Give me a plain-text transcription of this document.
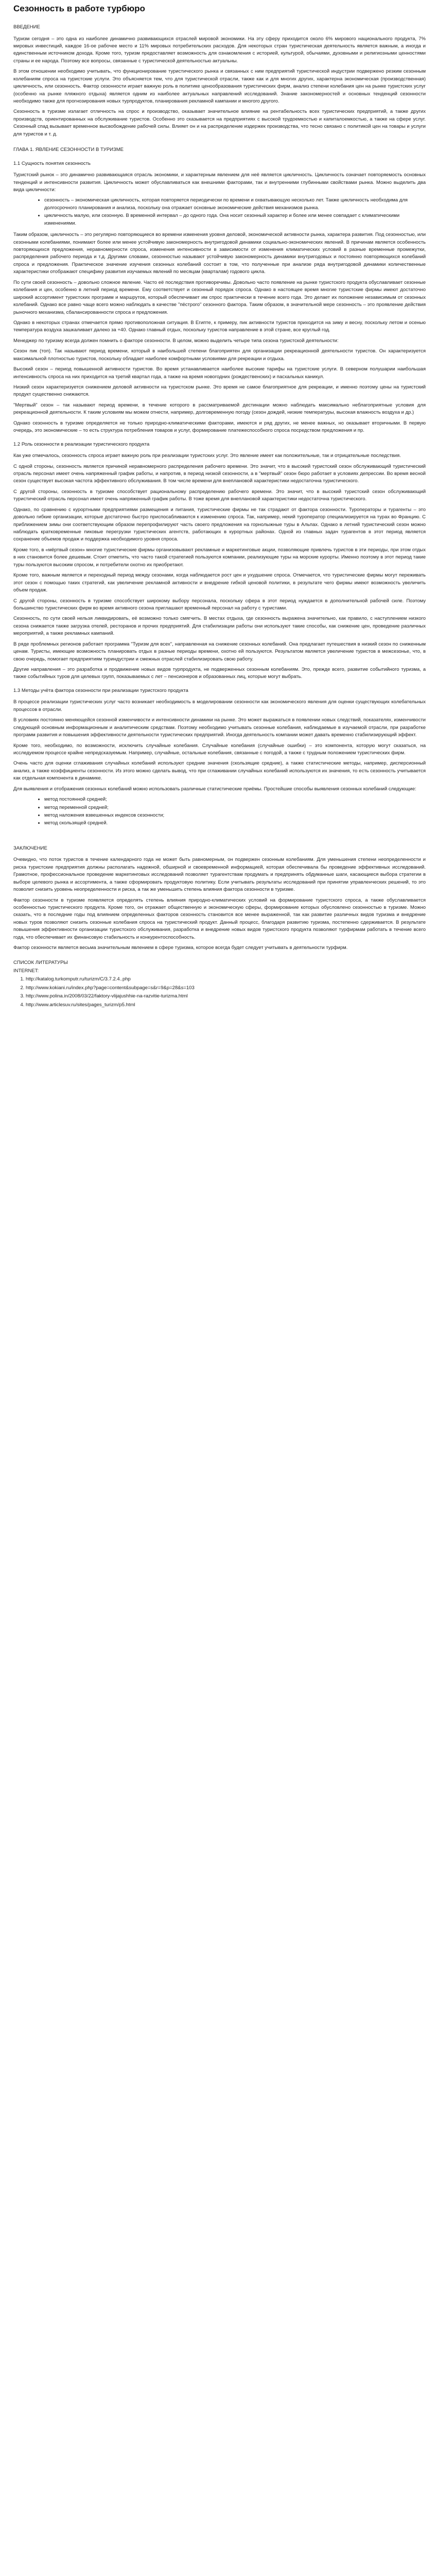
Сезонность в работе турбюро
ВВЕДЕНИЕ

Туризм сегодня – это одна из наиболее динамично развивающихся отраслей мировой экономики. На эту сферу приходится около 6% мирового национального продукта, 7% мировых инвестиций, каждое 16-ое рабочее место и 11% мировых потребительских расходов. Для некоторых стран туристическая деятельность является важным, а иногда и единственным источником дохода. Кроме того, туризм предоставляет возможность для ознакомления с историей, культурой, обычаями, духовными и религиозными ценностями страны и ее народа. Поэтому все вопросы, связанные с туристической деятельностью актуальны.

В этом отношении необходимо учитывать, что функционирование туристического рынка и связанных с ним предприятий туристической индустрии подвержено резким сезонным колебаниям спроса на туристские услуги. Это объясняется тем, что для туристической отрасли, также как и для многих других, характерна экономическая (производственная) цикличность, или сезонность. Фактор сезонности играет важную роль в политике ценообразования туристических фирм, анализ степени колебания цен на рынке туристских услуг (особенно на рынке пляжного отдыха) является одним из наиболее актуальных направлений исследований. Знание закономерностей и основных тенденций сезонности необходимо также для прогнозирования новых турпродуктов, планирования рекламной кампании и многого другого.

Сезонность в туризме излагает отличность на спрос и производство, оказывает значительное влияние на рентабельность всех туристических предприятий, а также других производств, ориентированных на обслуживание туристов. Особенно это сказывается на предприятиях с высокой трудоемкостью и капиталоемкостью, а также на сфере услуг. Сезонный спад вызывает временное высвобождение рабочей силы. Влияет он и на распределение издержек производства, что тесно связано с политикой цен на товары и услуги для туристов и т. д.

ГЛАВА 1. ЯВЛЕНИЕ СЕЗОННОСТИ В ТУРИЗМЕ
1.1 Сущность понятия сезонность

Туристский рынок – это динамично развивающаяся отрасль экономики, и характерным явлением для неё является цикличность. Цикличность означает повторяемость основных тенденций и интенсивности развития. Цикличность может обуславливаться как внешними факторами, так и внутренними глубинными свойствами рынка. Можно выделить два вида цикличности:

• сезонность – экономическая цикличность, которая повторяется периодически по времени и охватывающую несколько лет. Также цикличность необходима для долгосрочного планирования и анализа, поскольку она отражает основные экономические действия механизмов рынка.
• цикличность малую, или сезонную. В временной интервал – до одного года. Она носит сезонный характер и более или менее совпадает с климатическими изменениями.

Таким образом, цикличность – это регулярно повторяющиеся во времени изменения уровня деловой, экономической активности рынка, характера развития. Под сезонностью, или сезонными колебаниями, понимают более или менее устойчивую закономерность внутригодовой динамики социально-экономических явлений. В причинам является особенность повторяющихся предложения, неравномерности спроса, изменения интенсивности в зависимости от изменения климатических условий в разные временные промежутки, распределения рабочего периода и т.д. Другими словами, сезонностью называют устойчивую закономерность динамики внутригодовых и постоянно повторяющихся колебаний спроса и предложения. Практическое значение изучения сезонных колебаний состоит в том, что полученные при анализе ряда внутригодовой динамики количественные характеристики отображают специфику развития изучаемых явлений по месяцам (кварталам) годового цикла.

По сути своей сезонность – довольно сложное явление. Часто её последствия противоречивы. Довольно часто появление на рынке туристского продукта обуславливает сезонные колебания и цен, особенно в летний период времени. Ему соответствует и сезонный порядок спроса. Однако в настоящее время многие туристские фирмы имеют достаточно широкий ассортимент туристских программ и маршрутов, который обеспечивает им спрос практически в течение всего года. Это делает их положение независимым от сезонных колебаний. Однако все равно чаще всего можно наблюдать в качестве "пёстрого" сезонного фактора. Таким образом, в значительной мере сезонность – это проявление действия рыночного механизма, сбалансированности спроса и предложения.

Однако в некоторых странах отмечается прямо противоположная ситуация. В Египте, к примеру, пик активности туристов приходится на зиму и весну, поскольку летом и осенью температура воздуха зашкаливает далеко за +40. Однако главный отдых, поскольку туристов направление в этой стране, все круглый год.

Менеджер по туризму всегда должен помнить о факторе сезонности. В целом, можно выделить четыре типа сезона туристской деятельности:

Сезон пик (топ). Так называют период времени, который в наибольшей степени благоприятен для организации рекреационной деятельности туристов. Он характеризуется максимальной плотностью туристов, поскольку обладает наиболее комфортными условиями для рекреации и отдыха.

Высокий сезон – период повышенной активности туристов. Во время устанавливается наиболее высокие тарифы на туристские услуги. В северном полушарии наибольшая интенсивность спроса на них приходится на третий квартал года, а также на время новогодних (рождественских) и пасхальных каникул.

Низкий сезон характеризуется снижением деловой активности на туристском рынке. Это время не самое благоприятное для рекреации, и именно поэтому цены на туристский продукт существенно снижаются.

"Мертвый" сезон – так называют период времени, в течение которого в рассматриваемой дестинации можно наблюдать максимально неблагоприятные условия для рекреационной деятельности. К таким условиям мы можем отнести, например, долговременную погоду (сезон дождей, низкие температуры, высокая влажность воздуха и др.)

Однако сезонность в туризме определяется не только природно-климатическими факторами, имеются и ряд других, не менее важных, но оказывает вторичными. В первую очередь, это экономические – то есть структура потребления товаров и услуг, формирование платежеспособного спроса посредством предложения и пр.

1.2 Роль сезонности в реализации туристического продукта

Как уже отмечалось, сезонность спроса играет важную роль при реализации туристских услуг. Это явление имеет как положительные, так и отрицательные последствия.

С одной стороны, сезонность является причиной неравномерного распределения рабочего времени. Это значит, что в высокий туристский сезон обслуживающий туристический отрасль персонал имеет очень напряженный график работы, и напротив, в период низкой сезонности, а в "мертвый" сезон бюро работает в условиях депрессии. Во время весной сезон существует высокая частота эффективного обслуживания. В том числе времени для внеплановой характеристики недостаточна туристического.

С другой стороны, сезонность в туризме способствует рациональному распределению рабочего времени. Это значит, что в высокий туристский сезон обслуживающий туристический отрасль персонал имеет очень напряженный график работы. В тоже время для внеплановой характеристики недостаточна туристического.

Однако, по сравнению с курортными предприятиями размещения и питания, туристические фирмы не так страдают от фактора сезонности. Туроператоры и турагенты – это довольно гибкие организации, которые достаточно быстро приспосабливаются к изменению спроса. Так, например, некий туроператор специализируется на турах во Францию. С приближением зимы они соответствующим образом перепрофилируют часть своего предложения на горнолыжные туры в Альпах. Однако в летний туристический сезон можно наблюдать кратковременные пиковые перегрузки туристических агентств, работающих в курортных районах. Одной из главных задач турагентов в этот период является сохранение объемов продаж и поддержка необходимого уровня спроса.

Кроме того, в «мёртвый сезон» многие туристические фирмы организовывают рекламные и маркетинговые акции, позволяющие привлечь туристов в эти периоды, при этом отдых в них становится более дешевым. Стоит отметить, что часто такой стратегией пользуются компании, реализующие туры на морские курорты. Именно поэтому в этот период такие туры пользуются высоким спросом, и потребители охотно их приобретают.

Кроме того, важным является и переходный период между сезонами, когда наблюдается рост цен и ухудшение спроса. Отмечается, что туристические фирмы могут переживать этот сезон с помощью таких стратегий, как увеличение рекламной активности и внедрение гибкой ценовой политики, в результате чего фирмы имеют возможность увеличить объем продаж.

С другой стороны, сезонность в туризме способствует широкому выбору персонала, поскольку сфера в этот период нуждается в дополнительной рабочей силе. Поэтому большинство туристических фирм во время активного сезона приглашают временный персонал на работу с туристами.

Сезонность, по сути своей нельзя ликвидировать, её возможно только смягчить. В местах отдыха, где сезонность выражена значительно, как правило, с наступлением низкого сезона снижается также загрузка отелей, ресторанов и прочих предприятий. Для стабилизации работы они используют такие способы, как снижение цен, проведение различных мероприятий, а также рекламных кампаний.

В ряде проблемных регионов работает программа "Туризм для всех", направленная на снижение сезонных колебаний. Она предлагает путешествия в низкий сезон по сниженным ценам. Туристы, имеющие возможность планировать отдых в разные периоды времени, охотно ей пользуются. Результатом является увеличение туристов в межсезонье, что, в свою очередь, помогает предприятиям туриндустрии и смежных отраслей стабилизировать свою работу.

Другие направления – это разработка и продвижение новых видов турпродукта, не подверженных сезонным колебаниям. Это, прежде всего, развитие событийного туризма, а также событийных туров для целевых групп, показываемых с лет – пенсионеров и образованных лиц, которые могут выбрать.

1.3 Методы учёта фактора сезонности при реализации туристского продукта

В процессе реализации туристических услуг часто возникает необходимость в моделировании сезонности как экономического явления для оценки существующих колебательных процессов в отрасли.

В условиях постоянно меняющейся сезонной изменчивости и интенсивности динамики на рынке. Это может выражаться в появлении новых следствий, показателях, изменчивости следующей основным информационным и аналитическим средствам. Поэтому необходимо учитывать сезонные колебания, наблюдаемые в изучаемой отрасли, при разработке программ развития и повышения эффективности деятельности туристических предприятий. Иногда деятельность компании может давать временно стабилизирующий эффект.

Кроме того, необходимо, по возможности, исключить случайные колебания. Случайные колебания (случайные ошибки) – это компонента, которую могут сказаться, на исследуемом процессе крайне непредсказуемым. Например, случайные, остальные колебания, связанные с погодой, а также с трудным положением туристических фирм.

Очень часто для оценки сглаживания случайных колебаний используют средние значения (скользящие средние), а также статистические методы, например, дисперсионный анализ, а также коэффициенты сезонности. Из этого можно сделать вывод, что при сглаживании случайных колебаний используются их значения, то есть сезонность учитывается как отдельная компонента в динамике.

Для выявления и отображения сезонных колебаний можно использовать различные статистические приёмы. Простейшие способы выявления сезонных колебаний следующие:

• метод постоянной средней;
• метод переменной средней;
• метод наложения взвешенных индексов сезонности;
• метод скользящей средней.
ЗАКЛЮЧЕНИЕ

Очевидно, что поток туристов в течение календарного года не может быть равномерным, он подвержен сезонным колебаниям. Для уменьшения степени неопределенности и риска туристские предприятия должны располагать надежной, обширной и своевременной информацией, которая обеспечивала бы проведение эффективных исследований. Грамотное, профессиональное проведение маркетинговых исследований позволяет турагентствам продумать и предпринять обдуманные шаги, касающиеся выбора стратегии в выборе целевого рынка и ассортимента, а также сформировать продуктовую политику. Если учитывать результаты исследований при принятии управленческих решений, то это позволит снизить уровень неопределенности и риска, а так же уменьшить степень влияния фактора сезонности в туризме.

Фактор сезонности в туризме появляется определять степень влияния природно-климатических условий на формирование туристского спроса, а также обуславливается особенностью туристического продукта. Кроме того, он отражает общественную и экономическую сферы, формирование которых обусловлено сезонностью в туризме. Можно сказать, что в последние годы под влиянием определенных факторов сезонность становится все менее выраженной, так как развитие различных видов туризма и внедрение новых туров позволяют снизить сезонные колебания спроса на туристический продукт. Данный процесс, благодаря развитию туризма, постепенно сдерживается. В результате повышения эффективности организации туристского обслуживания, разработка и внедрение новых видов туристского продукта позволяют турфирмам работать в течение всего года, что обеспечивает их финансовую стабильность и конкурентоспособность.

Фактор сезонности является весьма значительным явлением в сфере туризма, которое всегда будет следует учитывать в деятельности турфирм.

СПИСОК ЛИТЕРАТУРЫ
INTERNET:
1. http://katalog.turkomputr.ru/turizm/C/3.7.2.4..php
2. http://www.kokiani.ru/index.php?page=content&subpage=s&r=9&p=28&s=103
3. http://www.polina.in/2008/03/22/faktory-vlijajushhie-na-razvitie-turizma.html
4. http://www.articlesuv.ru/sites/pages_turizm/p5.html
